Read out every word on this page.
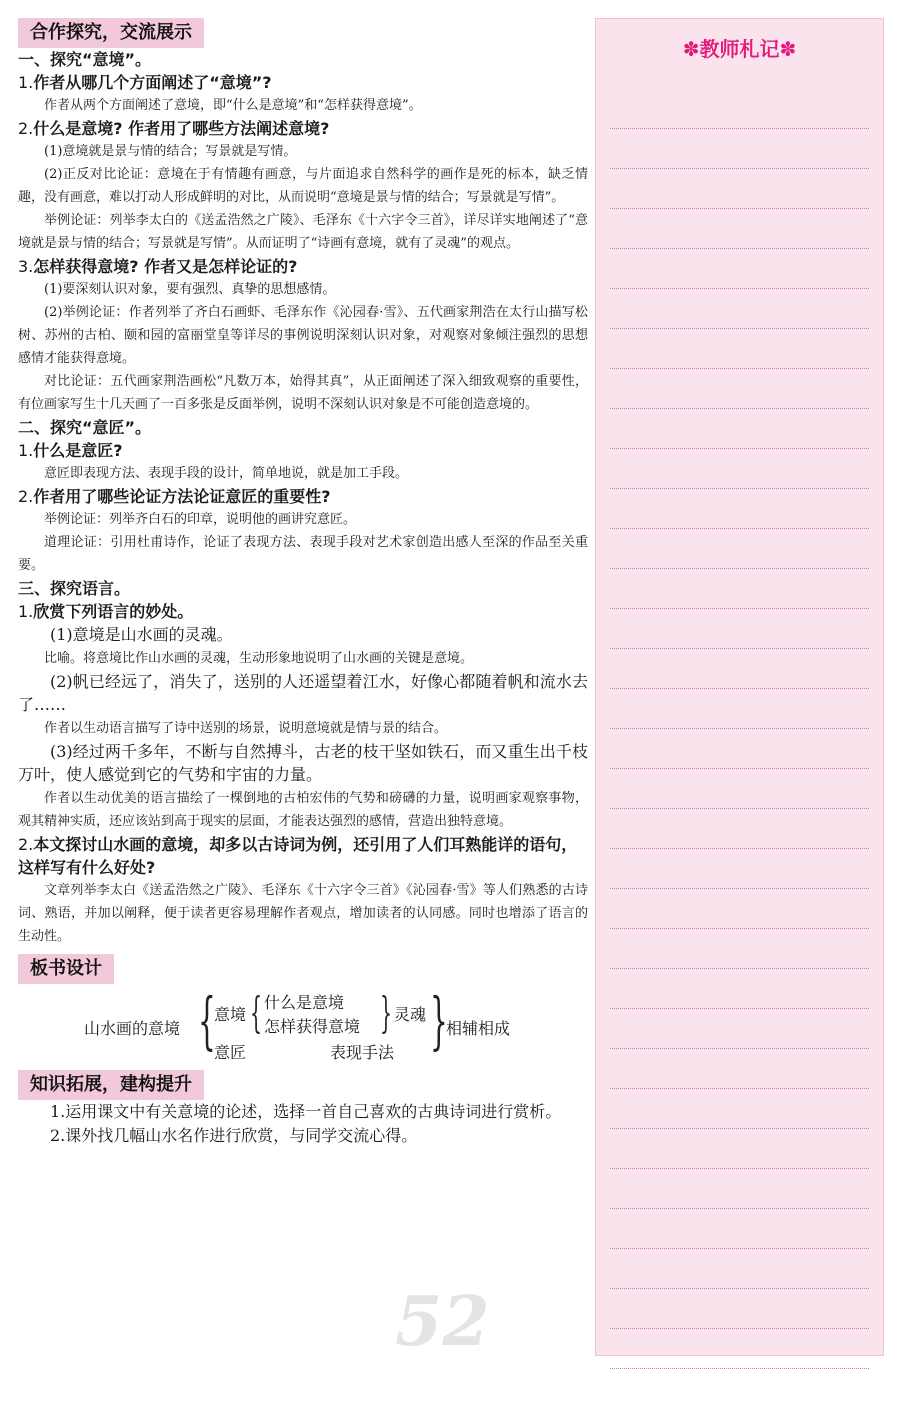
合作探究，交流展示

一、探究“意境”。

1.作者从哪几个方面阐述了“意境”?

作者从两个方面阐述了意境，即“什么是意境”和“怎样获得意境”。

2.什么是意境? 作者用了哪些方法阐述意境?

(1)意境就是景与情的结合；写景就是写情。

(2)正反对比论证：意境在于有情趣有画意，与片面追求自然科学的画作是死的标本，缺乏情趣，没有画意，难以打动人形成鲜明的对比，从而说明“意境是景与情的结合；写景就是写情”。

举例论证：列举李太白的《送孟浩然之广陵》、毛泽东《十六字令三首》，详尽详实地阐述了“意境就是景与情的结合；写景就是写情”。从而证明了“诗画有意境，就有了灵魂”的观点。

3.怎样获得意境? 作者又是怎样论证的?

(1)要深刻认识对象，要有强烈、真挚的思想感情。

(2)举例论证：作者列举了齐白石画虾、毛泽东作《沁园春·雪》、五代画家荆浩在太行山描写松树、苏州的古柏、颐和园的富丽堂皇等详尽的事例说明深刻认识对象，对观察对象倾注强烈的思想感情才能获得意境。

对比论证：五代画家荆浩画松“凡数万本，始得其真”，从正面阐述了深入细致观察的重要性，有位画家写生十几天画了一百多张是反面举例，说明不深刻认识对象是不可能创造意境的。

二、探究“意匠”。

1.什么是意匠?

意匠即表现方法、表现手段的设计，简单地说，就是加工手段。

2.作者用了哪些论证方法论证意匠的重要性?

举例论证：列举齐白石的印章，说明他的画讲究意匠。

道理论证：引用杜甫诗作，论证了表现方法、表现手段对艺术家创造出感人至深的作品至关重要。

三、探究语言。

1.欣赏下列语言的妙处。

(1)意境是山水画的灵魂。

比喻。将意境比作山水画的灵魂，生动形象地说明了山水画的关键是意境。

(2)帆已经远了，消失了，送别的人还遥望着江水，好像心都随着帆和流水去了……

作者以生动语言描写了诗中送别的场景，说明意境就是情与景的结合。

(3)经过两千多年，不断与自然搏斗，古老的枝干坚如铁石，而又重生出千枝万叶，使人感觉到它的气势和宇宙的力量。

作者以生动优美的语言描绘了一棵倒地的古柏宏伟的气势和磅礴的力量，说明画家观察事物，观其精神实质，还应该站到高于现实的层面，才能表达强烈的感情，营造出独特意境。

2.本文探讨山水画的意境，却多以古诗词为例，还引用了人们耳熟能详的语句，这样写有什么好处?

文章列举李太白《送孟浩然之广陵》、毛泽东《十六字令三首》《沁园春·雪》等人们熟悉的古诗词、熟语，并加以阐释，便于读者更容易理解作者观点，增加读者的认同感。同时也增添了语言的生动性。

板书设计
山水画的意境 {
意境 { 什么是意境
怎样获得意境 } 灵魂
意匠	表现手法 }
相辅相成
知识拓展，建构提升

1.运用课文中有关意境的论述，选择一首自己喜欢的古典诗词进行赏析。

2.课外找几幅山水名作进行欣赏，与同学交流心得。

52
✽教师札记✽
